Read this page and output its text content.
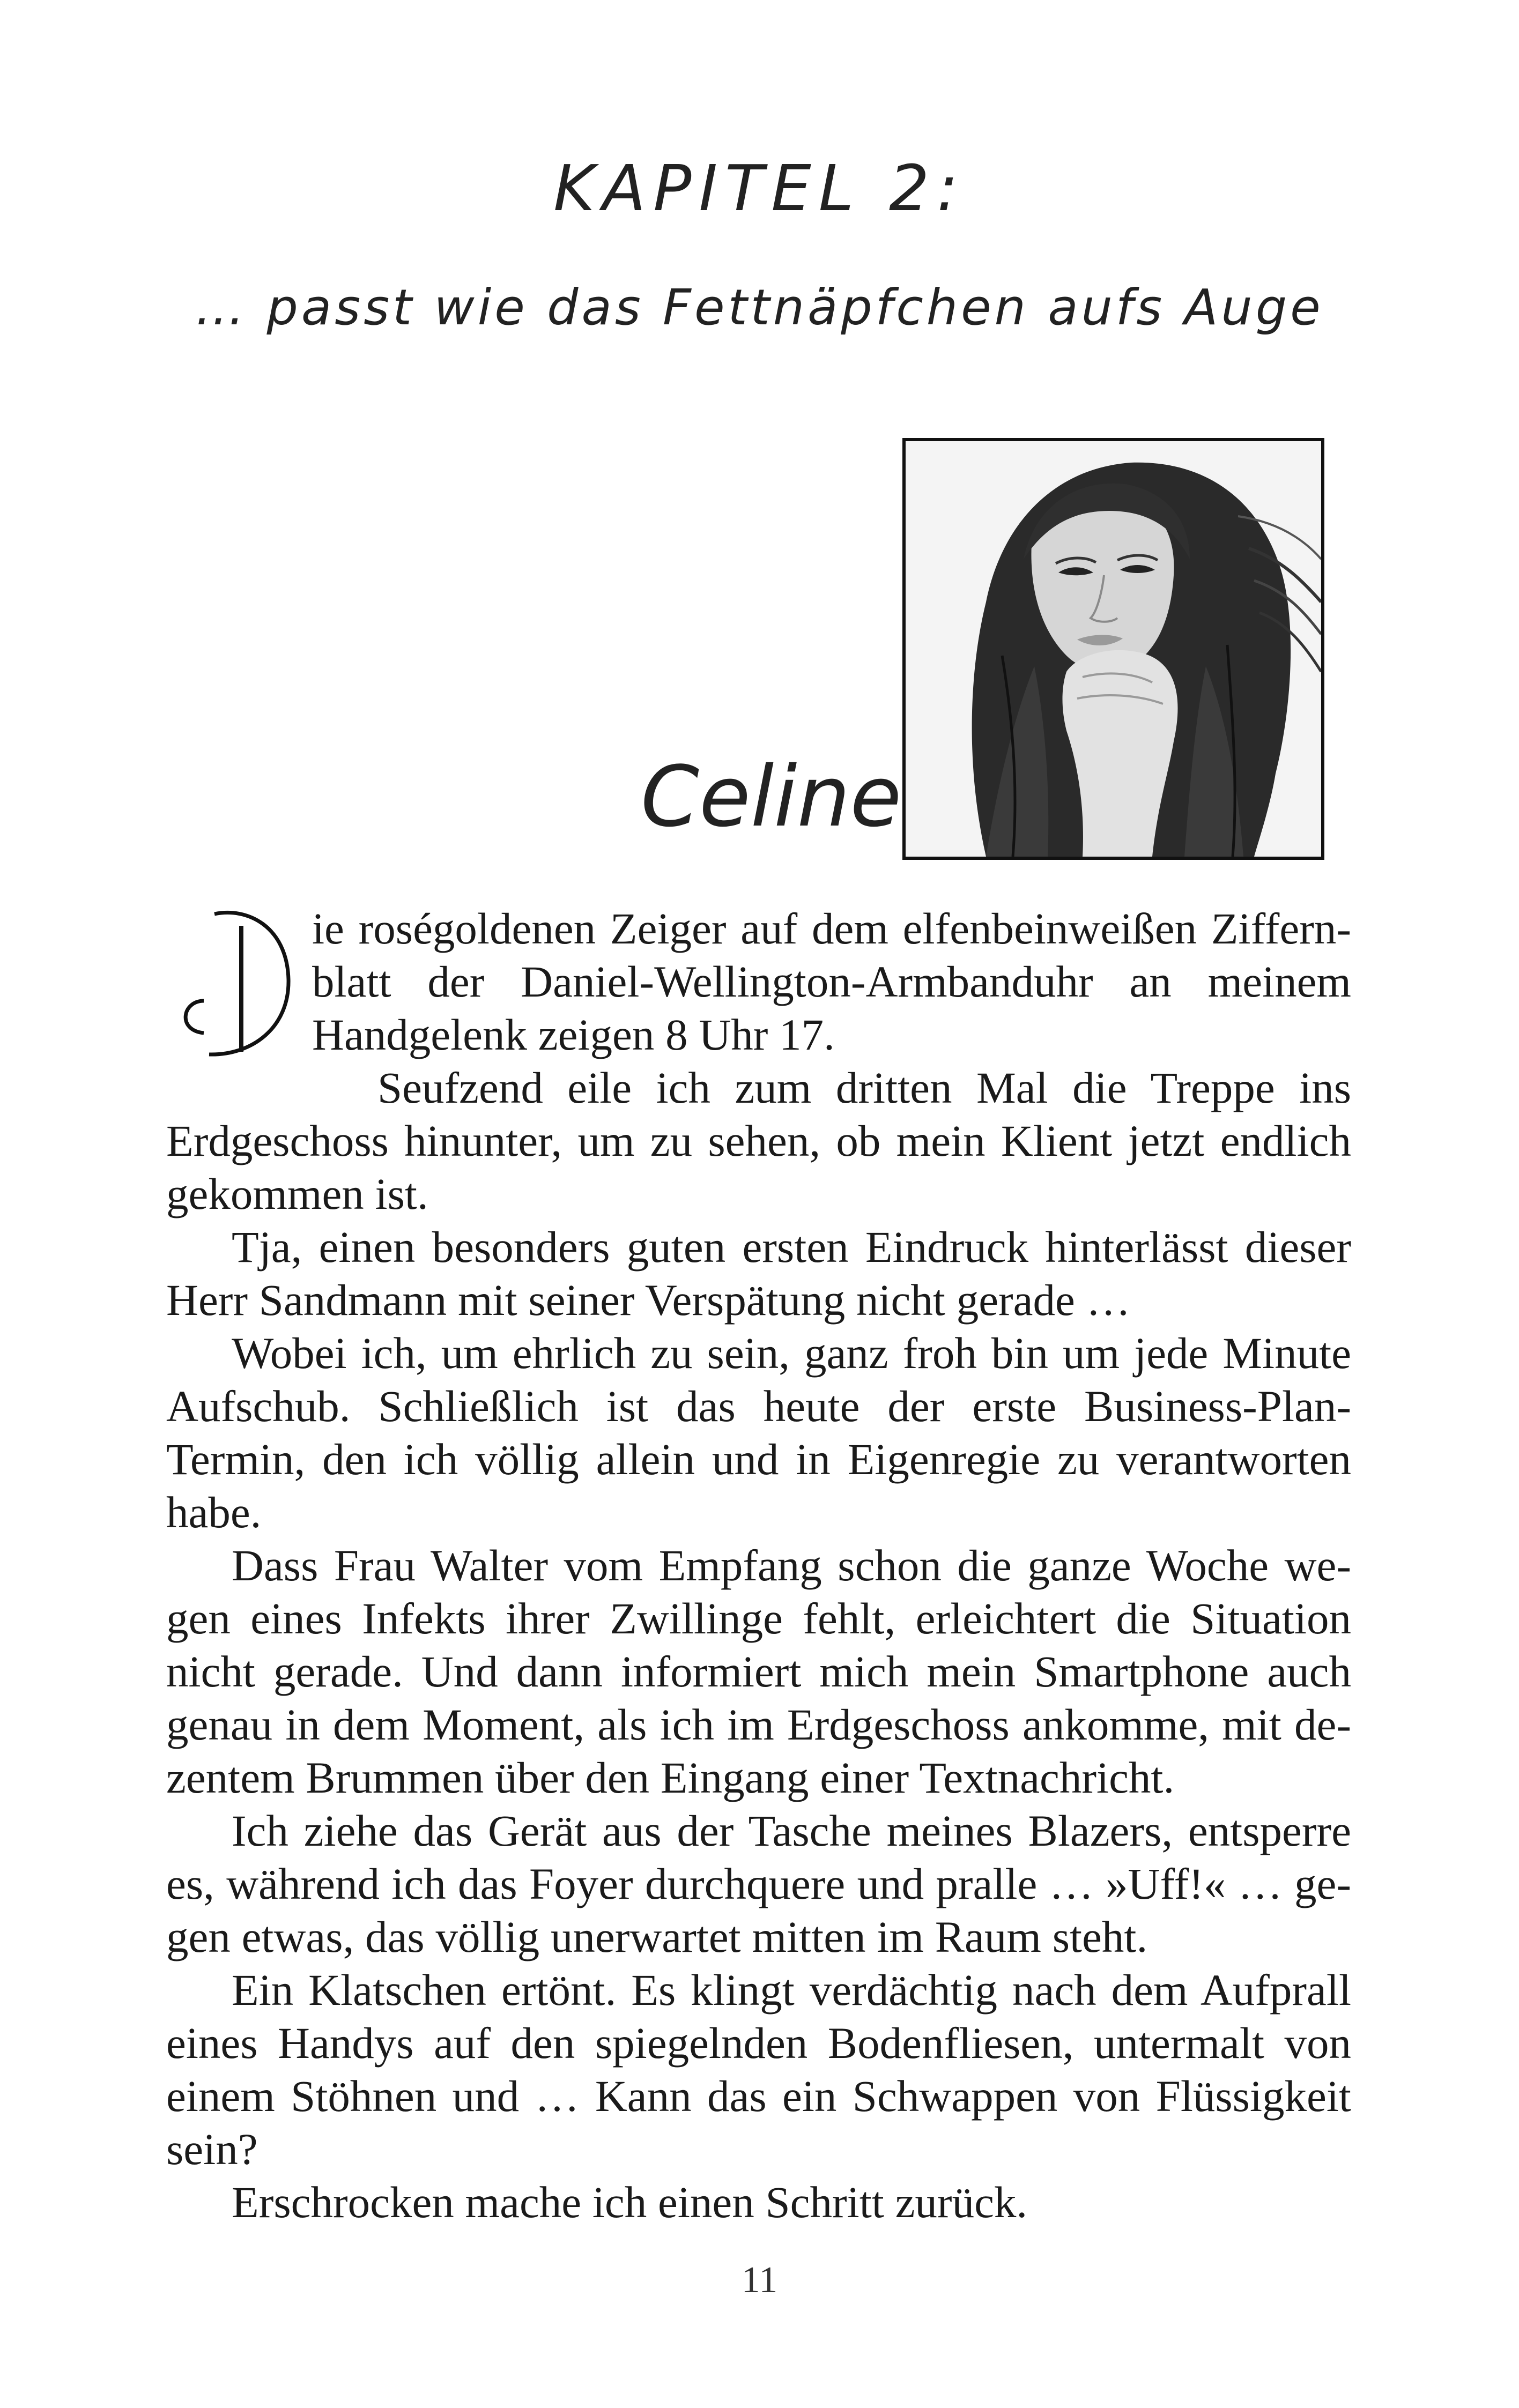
KAPITEL 2:
… passt wie das Fettnäpfchen aufs Auge
Celine

ie roségoldenen Zeiger auf dem elfenbeinweißen Ziffernblatt der Daniel-Wellington-Armbanduhr an meinem Handgelenk zeigen 8 Uhr 17.

Seufzend eile ich zum dritten Mal die Treppe ins Erdgeschoss hinunter, um zu sehen, ob mein Klient jetzt endlich gekommen ist.

Tja, einen besonders guten ersten Eindruck hinterlässt dieser Herr Sandmann mit seiner Verspätung nicht gerade …

Wobei ich, um ehrlich zu sein, ganz froh bin um jede Minute Aufschub. Schließlich ist das heute der erste Business-Plan-Termin, den ich völlig allein und in Eigenregie zu verantworten habe.

Dass Frau Walter vom Empfang schon die ganze Woche wegen eines Infekts ihrer Zwillinge fehlt, erleichtert die Situation nicht gerade. Und dann informiert mich mein Smartphone auch genau in dem Moment, als ich im Erdgeschoss ankomme, mit dezentem Brummen über den Eingang einer Textnachricht.

Ich ziehe das Gerät aus der Tasche meines Blazers, entsperre es, während ich das Foyer durchquere und pralle … »Uff!« … gegen etwas, das völlig unerwartet mitten im Raum steht.

Ein Klatschen ertönt. Es klingt verdächtig nach dem Aufprall eines Handys auf den spiegelnden Bodenfliesen, untermalt von einem Stöhnen und … Kann das ein Schwappen von Flüssigkeit sein?

Erschrocken mache ich einen Schritt zurück.

11
